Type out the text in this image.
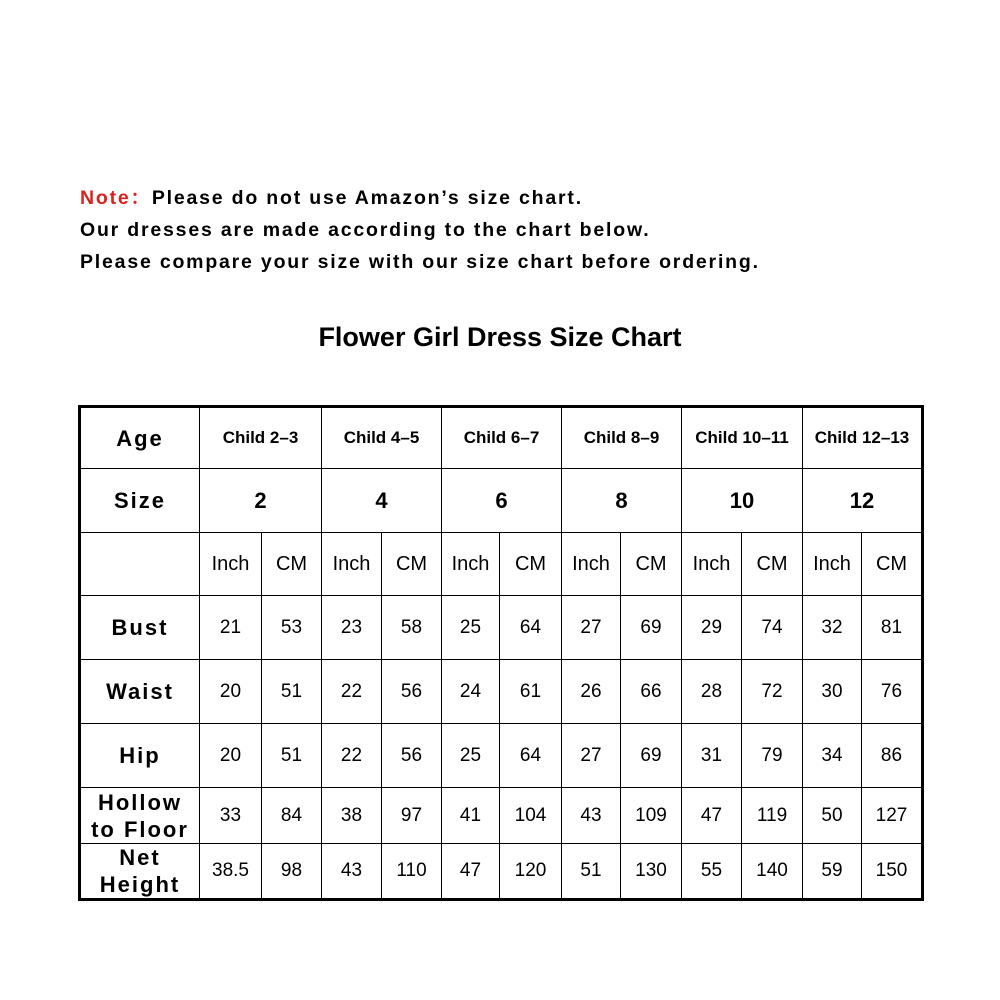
Note：Please do not use Amazon’s size chart.
Our dresses are made according to the chart below.
Please compare your size with our size chart before ordering.
Flower Girl Dress Size Chart
Age	Child 2–3		Child 4–5		Child 6–7		Child 8–9		Child 10–11		Child 12–13	
Size	2		4		6		8		10		12	
	Inch	CM	Inch	CM	Inch	CM	Inch	CM	Inch	CM	Inch	CM
Bust	21	53	23	58	25	64	27	69	29	74	32	81
Waist	20	51	22	56	24	61	26	66	28	72	30	76
Hip	20	51	22	56	25	64	27	69	31	79	34	86

Hollow
to Floor	33	84	38	97	41	104	43	109	47	119	50	127

Net
Height	38.5	98	43	110	47	120	51	130	55	140	59	150
